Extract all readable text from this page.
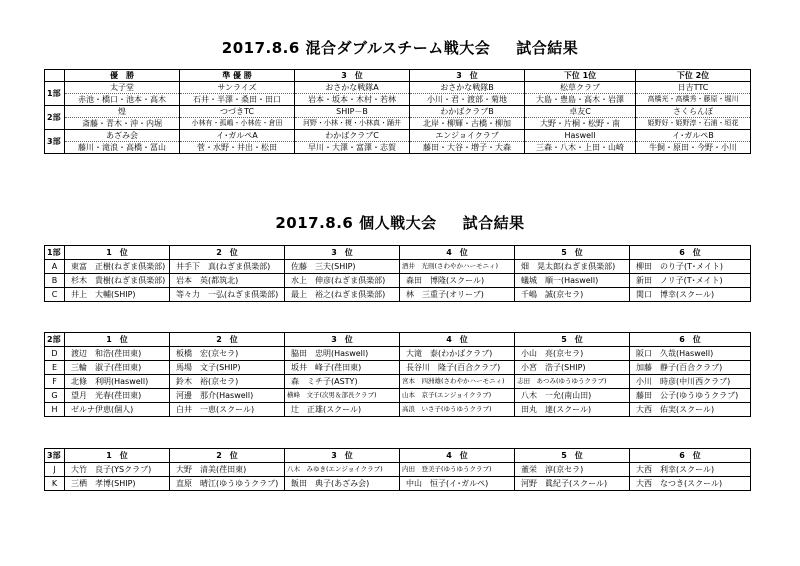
2017.8.6 混合ダブルスチーム戦大会 試合結果
	優　勝	準 優 勝	3　位	3　位	下位 1位	下位 2位
1部	太子堂	サンライズ	おさかな戦隊A	おさかな戦隊B	松草クラブ	日吉TTC
	赤池・橋口・池本・高木	石井・半澤・桑田・田口	岩本・坂本・木村・若林	小川・君・渡部・菊地	大島・豊島・高木・岩澤	高橋光・高橋秀・藤原・堀川
2部	煌	つづきTC	SHIP－B	わかばクラブB	卓友C	さくらんぼ
	斎藤・青木・沖・内堀	小林有・孤嶋・小林佐・倉田	河野・小林・榎・小林真・踊井	北岸・柳輝・古橋・柳加	大野・片桐・松野・南	姫野好・姫野淳・石浦・垣花
3部	あざみ会	イ･ガルペA	わかばクラブC	エンジョイクラブ	Haswell	イ･ガルペB
	藤川・滝浪・高橋・冨山	菅・水野・井出・松田	早川・大澤・富澤・志賀	藤田・大谷・増子・大森	三森・八木・上田・山崎	牛飼・原田・今野・小川
2017.8.6 個人戦大会 試合結果
1部	1　位	2　位	3　位	4　位	5　位	6　位
A	東富　正樹(ねぎま倶楽部)	井手下　真(ねぎま倶楽部)	佐藤　三夫(SHIP)	酒井　光則(さわやかハーモニィ)	畑　晃太郎(ねぎま倶楽部)	柳田　のり子(T･メイト)
B	杉木　貴樹(ねぎま倶楽部)	岩本　英(都筑北)	水上　伸彦(ねぎま倶楽部)	森田　博隆(スクール)	蟻城　順一(Haswell)	新田　ノリ子(T･メイト)
C	井上　大輔(SHIP)	等々力　一弘(ねぎま倶楽部)	最上　裕之(ねぎま倶楽部)	林　三重子(オリーブ)	千嶋　誠(京セラ)	関口　博幸(スクール)
2部	1　位	2　位	3　位	4　位	5　位	6　位
D	渡辺　和浩(荏田東)	板橋　宏(京セラ)	脇田　忠明(Haswell)	大滝　泰(わかばクラブ)	小山　亮(京セラ)	阪口　久哉(Haswell)
E	三輪　淑子(荏田東)	馬場　文子(SHIP)	坂井　峰子(荏田東)	長谷川　隆子(百合クラブ)	小宮　浩子(SHIP)	加藤　静子(百合クラブ)
F	北條　利明(Haswell)	鈴木　裕(京セラ)	森　ミチ子(ASTY)	宮本　四洲雄(さわやかハーモニィ)	志田　あつみ(ゆうゆうクラブ)	小川　時彦(中川西クラブ)
G	望月　光春(荏田東)	河邊　那介(Haswell)	横峰　文子(次男＆部長クラブ)	山本　京子(エンジョイクラブ)	八木　一允(南山田)	藤田　公子(ゆうゆうクラブ)
H	ゼルナ伊恵(個人)	白井　一恵(スクール)	辻　正雄(スクール)	高浪　いさ子(ゆうゆうクラブ)	田丸　達(スクール)	大西　佑実(スクール)
3部	1　位	2　位	3　位	4　位	5　位	6　位
J	大竹　良子(YSクラブ)	大野　清美(荏田東)	八木　みゆき(エンジョイクラブ)	内田　登美子(ゆうゆうクラブ)	董栄　淳(京セラ)	大西　利幸(スクール)
K	三栖　孝博(SHIP)	直原　晴江(ゆうゆうクラブ)	飯田　典子(あざみ会)	中山　恒子(イ･ガルペ)	河野　眞紀子(スクール)	大西　なつき(スクール)
